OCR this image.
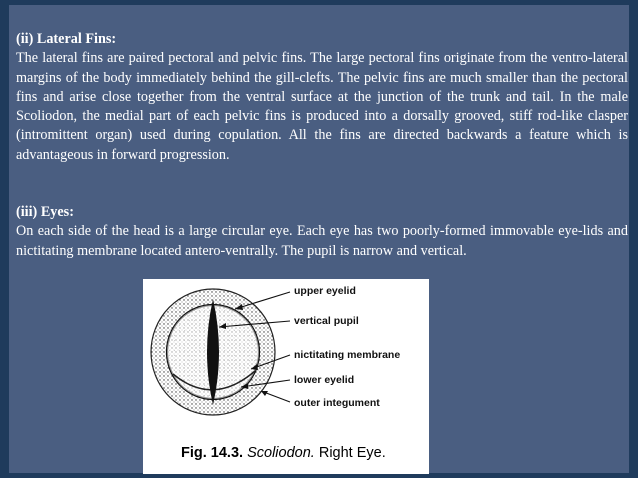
(ii) Lateral Fins:

The lateral fins are paired pectoral and pelvic fins. The large pectoral fins originate from the ventro-lateral margins of the body immediately behind the gill-clefts. The pelvic fins are much smaller than the pectoral fins and arise close together from the ventral surface at the junction of the trunk and tail. In the male Scoliodon, the medial part of each pelvic fins is produced into a dorsally grooved, stiff rod-like clasper (intromittent organ) used during copulation. All the fins are directed backwards a feature which is advantageous in forward progression.

(iii) Eyes:

On each side of the head is a large circular eye. Each eye has two poorly-formed immovable eye-lids and nictitating membrane located antero-ventrally. The pupil is narrow and vertical.

upper eyelid
vertical pupil
nictitating membrane
lower eyelid
outer integument
Fig. 14.3. Scoliodon. Right Eye.
